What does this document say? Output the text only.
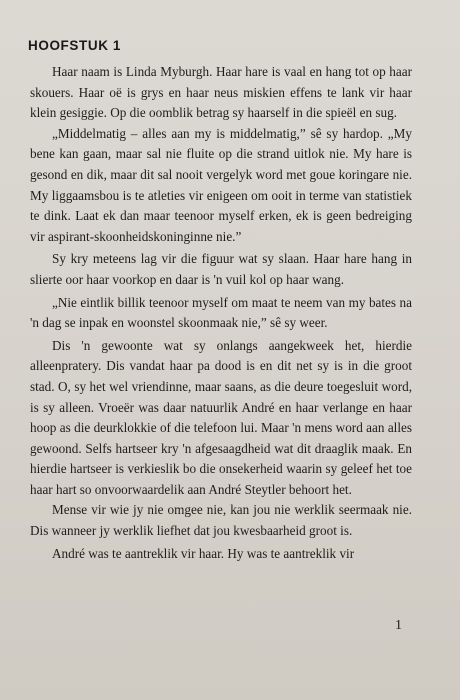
HOOFSTUK 1

Haar naam is Linda Myburgh. Haar hare is vaal en hang tot op haar skouers. Haar oë is grys en haar neus miskien effens te lank vir haar klein gesiggie. Op die oomblik betrag sy haarself in die spieël en sug.

„Middelmatig – alles aan my is middelmatig,” sê sy hardop. „My bene kan gaan, maar sal nie fluite op die strand uitlok nie. My hare is gesond en dik, maar dit sal nooit vergelyk word met goue koringare nie. My liggaamsbou is te atleties vir enigeen om ooit in terme van statistiek te dink. Laat ek dan maar teenoor myself erken, ek is geen bedreiging vir aspirant-skoonheidskoninginne nie.”

Sy kry meteens lag vir die figuur wat sy slaan. Haar hare hang in slierte oor haar voorkop en daar is 'n vuil kol op haar wang.

„Nie eintlik billik teenoor myself om maat te neem van my bates na 'n dag se inpak en woonstel skoonmaak nie,” sê sy weer.

Dis 'n gewoonte wat sy onlangs aangekweek het, hierdie alleenpratery. Dis vandat haar pa dood is en dit net sy is in die groot stad. O, sy het wel vriendinne, maar saans, as die deure toegesluit word, is sy alleen. Vroeër was daar natuurlik André en haar verlange en haar hoop as die deurklokkie of die telefoon lui. Maar 'n mens word aan alles gewoond. Selfs hartseer kry 'n afgesaagdheid wat dit draaglik maak. En hierdie hartseer is verkieslik bo die onsekerheid waarin sy geleef het toe haar hart so onvoorwaardelik aan André Steytler behoort het.

Mense vir wie jy nie omgee nie, kan jou nie werklik seermaak nie. Dis wanneer jy werklik liefhet dat jou kwesbaarheid groot is.

André was te aantreklik vir haar. Hy was te aantreklik vir

1
